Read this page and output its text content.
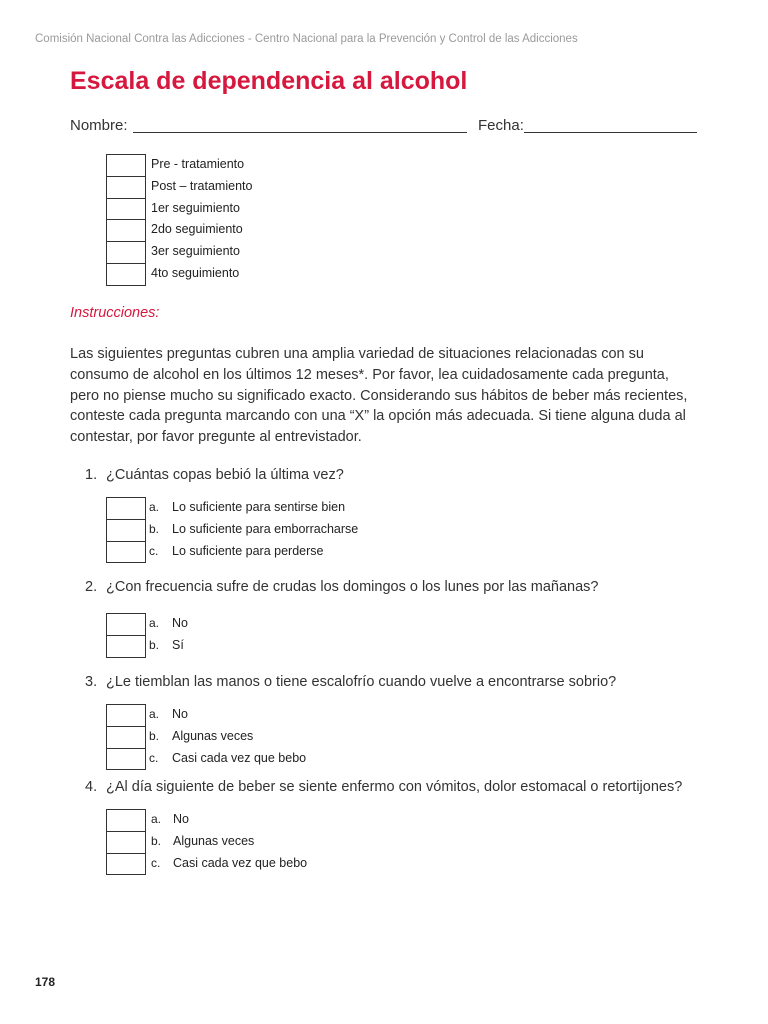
Comisión Nacional Contra las Adicciones - Centro Nacional para la Prevención y Control de las Adicciones
Escala de dependencia al alcohol
Nombre:	Fecha:
Pre - tratamiento
Post – tratamiento
1er seguimiento
2do seguimiento
3er seguimiento
4to seguimiento
Instrucciones:

Las siguientes preguntas cubren una amplia variedad de situaciones relacionadas con su consumo de alcohol en los últimos 12 meses*. Por favor, lea cuidadosamente cada pregunta, pero no piense mucho su significado exacto. Considerando sus hábitos de beber más recientes, conteste cada pregunta marcando con una “X” la opción más adecuada. Si tiene alguna duda al contestar, por favor pregunte al entrevistador.

1. ¿Cuántas copas bebió la última vez?
a. Lo suficiente para sentirse bien
b. Lo suficiente para emborracharse
c. Lo suficiente para perderse
2. ¿Con frecuencia sufre de crudas los domingos o los lunes por las mañanas?
a. No
b. Sí
3. ¿Le tiemblan las manos o tiene escalofrío cuando vuelve a encontrarse sobrio?
a. No
b. Algunas veces
c. Casi cada vez que bebo
4. ¿Al día siguiente de beber se siente enfermo con vómitos, dolor estomacal o retortijones?
a. No
b. Algunas veces
c. Casi cada vez que bebo
178
